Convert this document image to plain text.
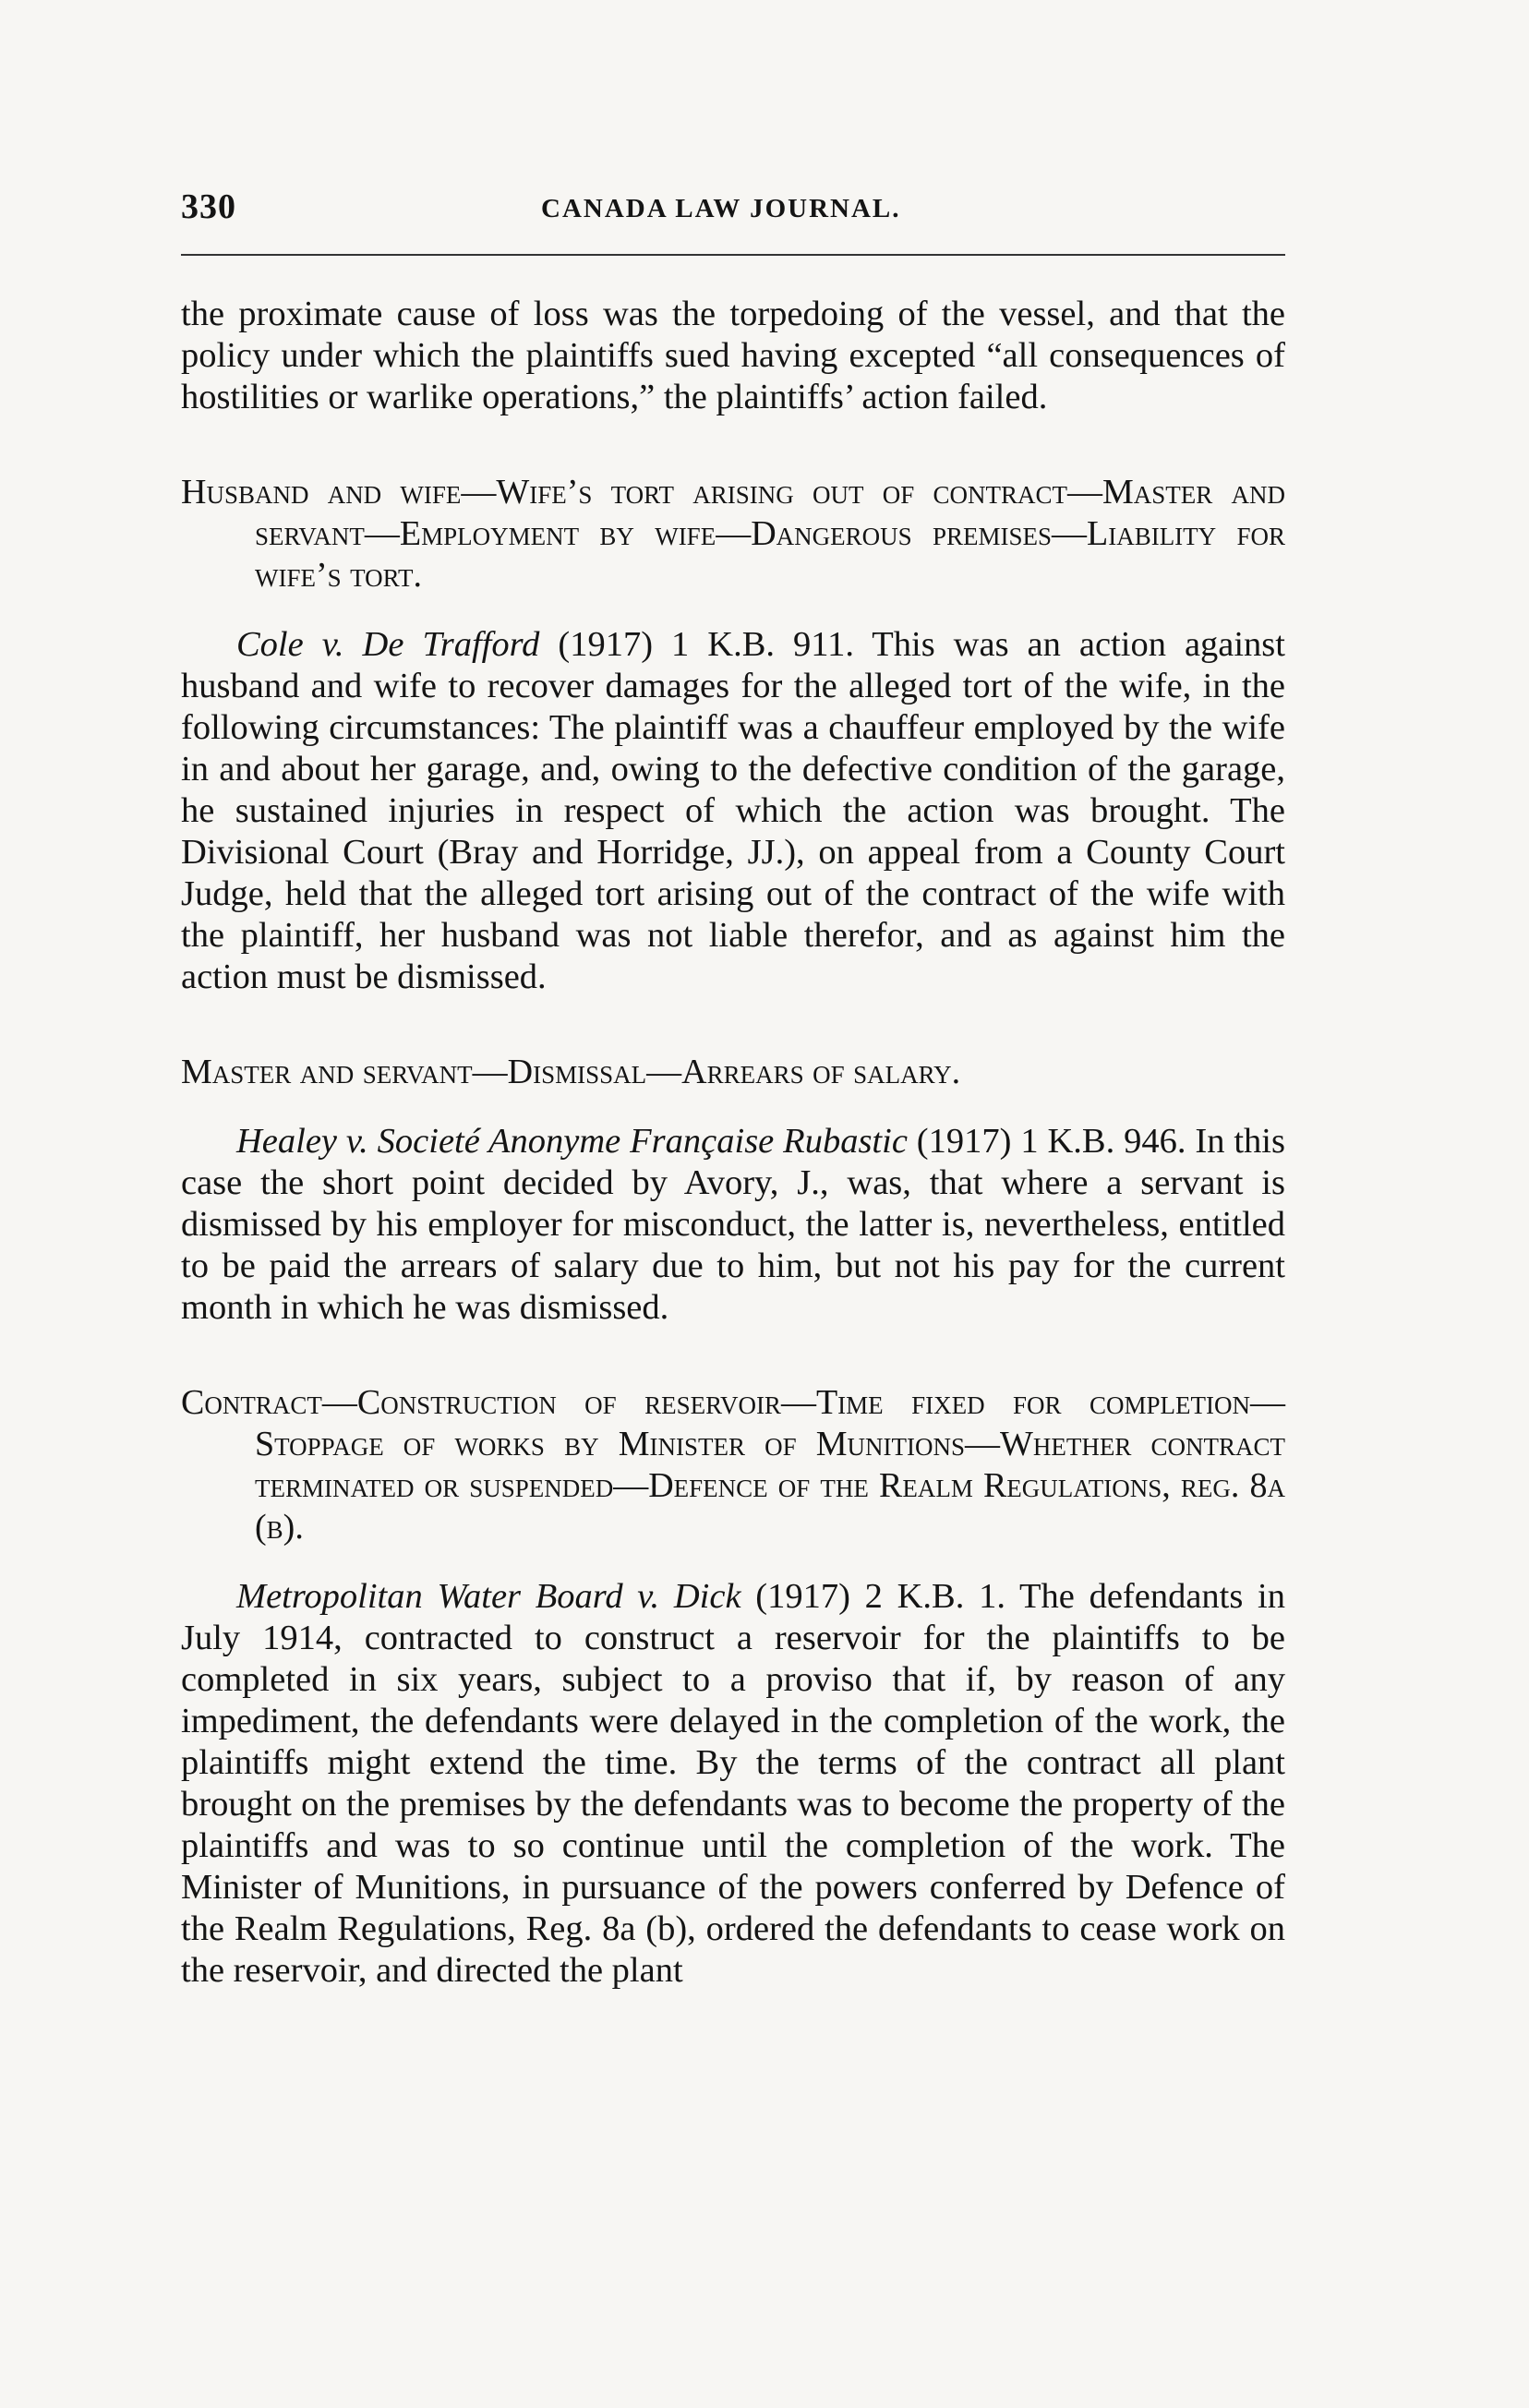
330	CANADA LAW JOURNAL.

the proximate cause of loss was the torpedoing of the vessel, and that the policy under which the plaintiffs sued having excepted “all consequences of hostilities or warlike operations,” the plaintiffs’ action failed.

Husband and wife—Wife’s tort arising out of contract—Master and servant—Employment by wife—Dangerous premises—Liability for wife’s tort.

Cole v. De Trafford (1917) 1 K.B. 911. This was an action against husband and wife to recover damages for the alleged tort of the wife, in the following circumstances: The plaintiff was a chauffeur employed by the wife in and about her garage, and, owing to the defective condition of the garage, he sustained injuries in respect of which the action was brought. The Divisional Court (Bray and Horridge, JJ.), on appeal from a County Court Judge, held that the alleged tort arising out of the contract of the wife with the plaintiff, her husband was not liable therefor, and as against him the action must be dismissed.

Master and servant—Dismissal—Arrears of salary.

Healey v. Societé Anonyme Française Rubastic (1917) 1 K.B. 946. In this case the short point decided by Avory, J., was, that where a servant is dismissed by his employer for misconduct, the latter is, nevertheless, entitled to be paid the arrears of salary due to him, but not his pay for the current month in which he was dismissed.

Contract—Construction of reservoir—Time fixed for completion—Stoppage of works by Minister of Munitions—Whether contract terminated or suspended—Defence of the Realm Regulations, reg. 8a (b).

Metropolitan Water Board v. Dick (1917) 2 K.B. 1. The defendants in July 1914, contracted to construct a reservoir for the plaintiffs to be completed in six years, subject to a proviso that if, by reason of any impediment, the defendants were delayed in the completion of the work, the plaintiffs might extend the time. By the terms of the contract all plant brought on the premises by the defendants was to become the property of the plaintiffs and was to so continue until the completion of the work. The Minister of Munitions, in pursuance of the powers conferred by Defence of the Realm Regulations, Reg. 8a (b), ordered the defendants to cease work on the reservoir, and directed the plant
